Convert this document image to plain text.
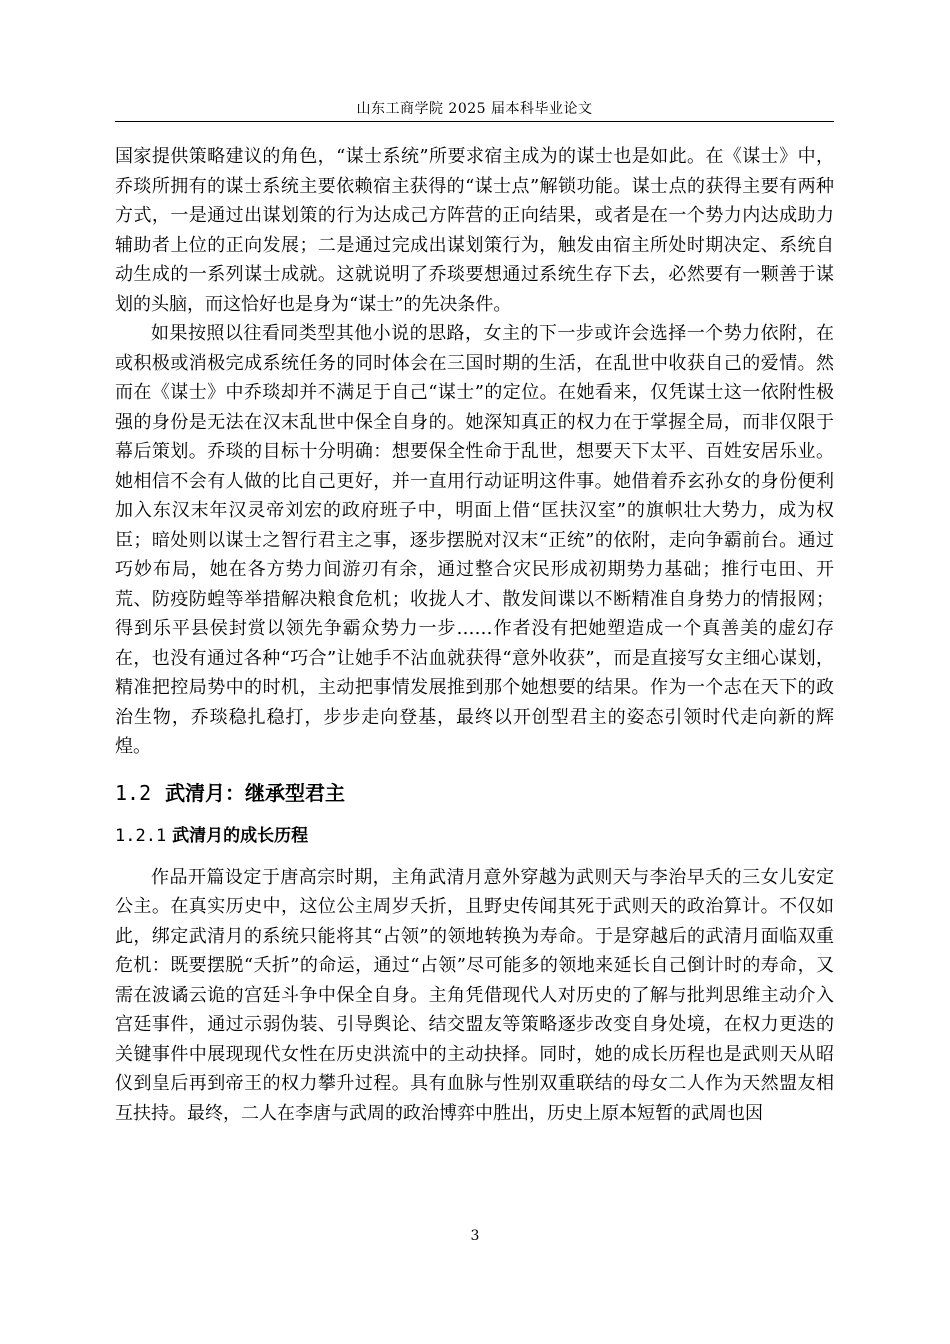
山东工商学院 2025 届本科毕业论文

国家提供策略建议的角色，“谋士系统”所要求宿主成为的谋士也是如此。在《谋士》中，乔琰所拥有的谋士系统主要依赖宿主获得的“谋士点”解锁功能。谋士点的获得主要有两种方式，一是通过出谋划策的行为达成己方阵营的正向结果，或者是在一个势力内达成助力辅助者上位的正向发展；二是通过完成出谋划策行为，触发由宿主所处时期决定、系统自动生成的一系列谋士成就。这就说明了乔琰要想通过系统生存下去，必然要有一颗善于谋划的头脑，而这恰好也是身为“谋士”的先决条件。

如果按照以往看同类型其他小说的思路，女主的下一步或许会选择一个势力依附，在或积极或消极完成系统任务的同时体会在三国时期的生活，在乱世中收获自己的爱情。然而在《谋士》中乔琰却并不满足于自己“谋士”的定位。在她看来，仅凭谋士这一依附性极强的身份是无法在汉末乱世中保全自身的。她深知真正的权力在于掌握全局，而非仅限于幕后策划。乔琰的目标十分明确：想要保全性命于乱世，想要天下太平、百姓安居乐业。她相信不会有人做的比自己更好，并一直用行动证明这件事。她借着乔玄孙女的身份便利加入东汉末年汉灵帝刘宏的政府班子中，明面上借“匡扶汉室”的旗帜壮大势力，成为权臣；暗处则以谋士之智行君主之事，逐步摆脱对汉末“正统”的依附，走向争霸前台。通过巧妙布局，她在各方势力间游刃有余，通过整合灾民形成初期势力基础；推行屯田、开荒、防疫防蝗等举措解决粮食危机；收拢人才、散发间谍以不断精准自身势力的情报网；得到乐平县侯封赏以领先争霸众势力一步……作者没有把她塑造成一个真善美的虚幻存在，也没有通过各种“巧合”让她手不沾血就获得“意外收获”，而是直接写女主细心谋划，精准把控局势中的时机，主动把事情发展推到那个她想要的结果。作为一个志在天下的政治生物，乔琰稳扎稳打，步步走向登基，最终以开创型君主的姿态引领时代走向新的辉煌。

1.2 武清月：继承型君主
1.2.1 武清月的成长历程

作品开篇设定于唐高宗时期，主角武清月意外穿越为武则天与李治早夭的三女儿安定公主。在真实历史中，这位公主周岁夭折，且野史传闻其死于武则天的政治算计。不仅如此，绑定武清月的系统只能将其“占领”的领地转换为寿命。于是穿越后的武清月面临双重危机：既要摆脱“夭折”的命运，通过“占领”尽可能多的领地来延长自己倒计时的寿命，又需在波谲云诡的宫廷斗争中保全自身。主角凭借现代人对历史的了解与批判思维主动介入宫廷事件，通过示弱伪装、引导舆论、结交盟友等策略逐步改变自身处境，在权力更迭的关键事件中展现现代女性在历史洪流中的主动抉择。同时，她的成长历程也是武则天从昭仪到皇后再到帝王的权力攀升过程。具有血脉与性别双重联结的母女二人作为天然盟友相互扶持。最终，二人在李唐与武周的政治博弈中胜出，历史上原本短暂的武周也因

3
